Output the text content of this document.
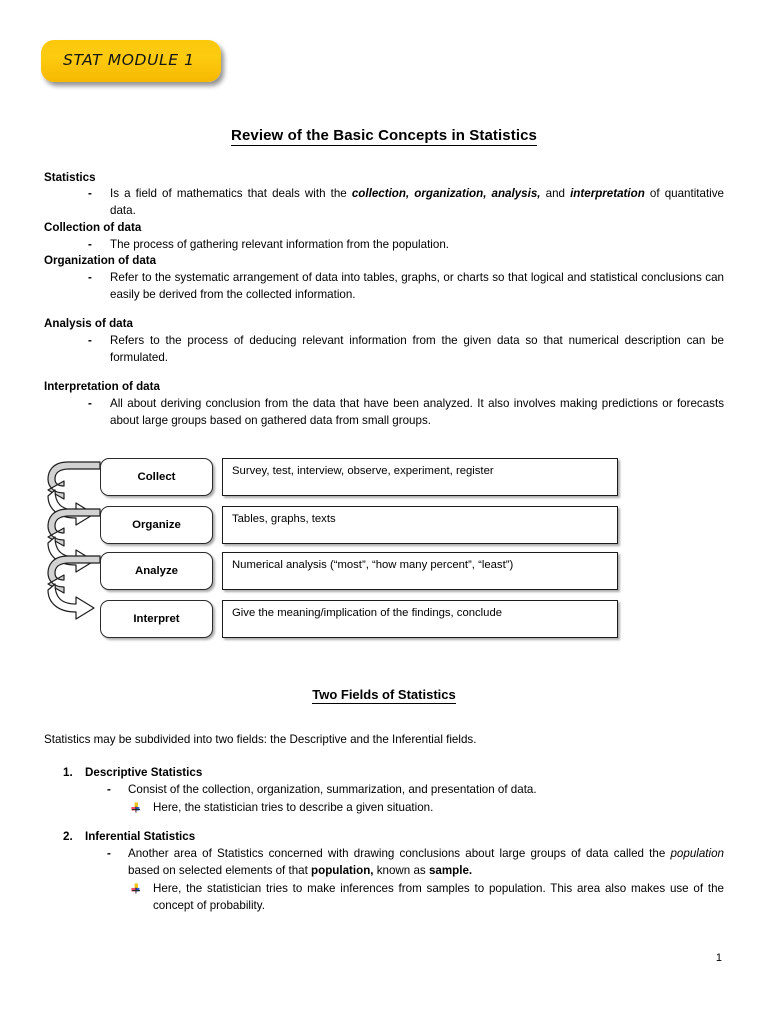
STAT MODULE 1
Review of the Basic Concepts in Statistics

Statistics

-	Is a field of mathematics that deals with the collection, organization, analysis, and interpretation of quantitative data.

Collection of data

-	The process of gathering relevant information from the population.

Organization of data

-	Refer to the systematic arrangement of data into tables, graphs, or charts so that logical and statistical conclusions can easily be derived from the collected information.

Analysis of data

-	Refers to the process of deducing relevant information from the given data so that numerical description can be formulated.

Interpretation of data

-	All about deriving conclusion from the data that have been analyzed. It also involves making predictions or forecasts about large groups based on gathered data from small groups.
Collect	Survey, test, interview, observe, experiment, register
Organize	Tables, graphs, texts
Analyze	Numerical analysis (“most”, “how many percent”, “least”)
Interpret	Give the meaning/implication of the findings, conclude
Two Fields of Statistics
Statistics may be subdivided into two fields: the Descriptive and the Inferential fields.
1.	Descriptive Statistics
-	Consist of the collection, organization, summarization, and presentation of data.
Here, the statistician tries to describe a given situation.
2.	Inferential Statistics
-	Another area of Statistics concerned with drawing conclusions about large groups of data called the population based on selected elements of that population, known as sample.
Here, the statistician tries to make inferences from samples to population. This area also makes use of the concept of probability.
1
